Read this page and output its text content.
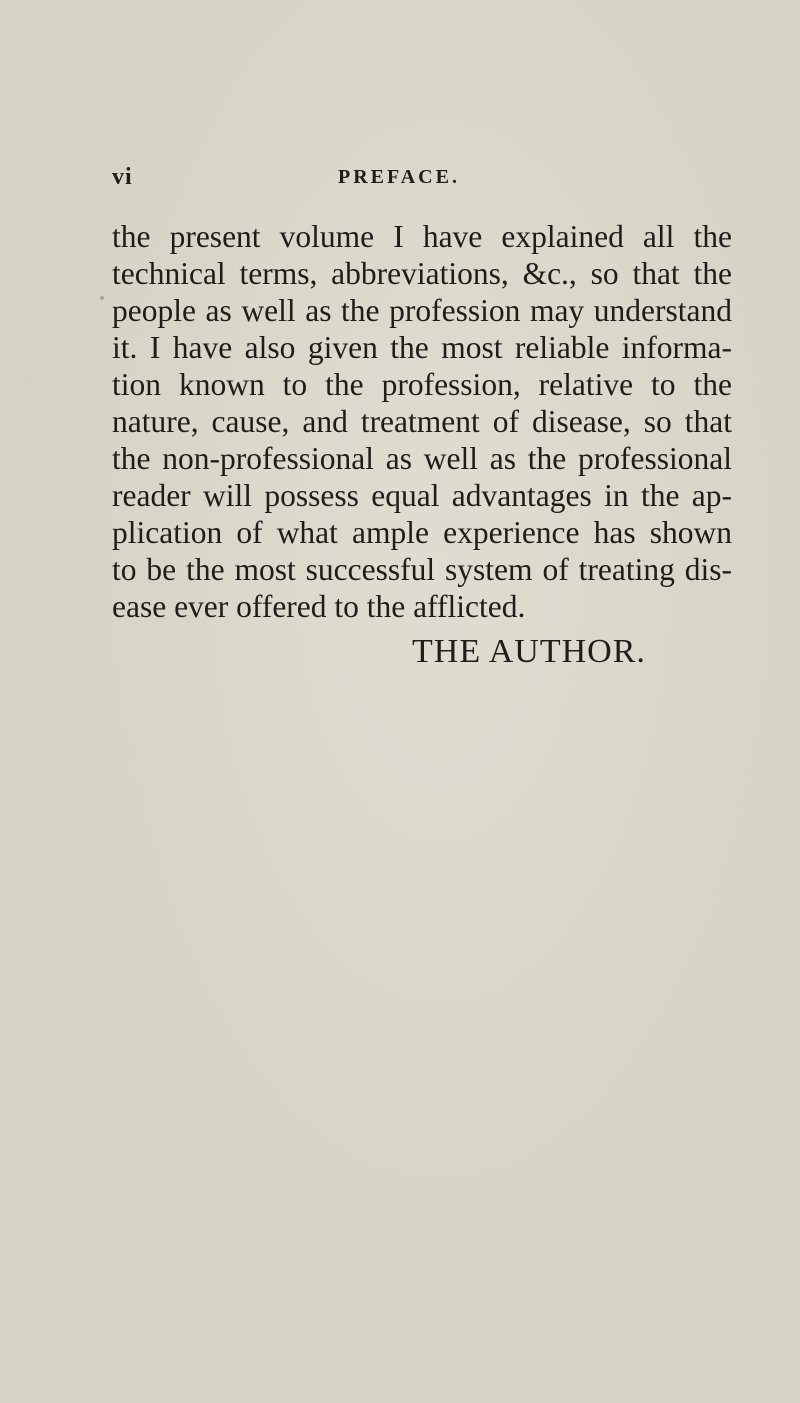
vi	PREFACE.
the present volume I have explained all the
technical terms, abbreviations, &c., so that the
people as well as the profession may understand
it. I have also given the most reliable informa-
tion known to the profession, relative to the
nature, cause, and treatment of disease, so that
the non-professional as well as the professional
reader will possess equal advantages in the ap-
plication of what ample experience has shown
to be the most successful system of treating dis-
ease ever offered to the afflicted.
THE AUTHOR.
